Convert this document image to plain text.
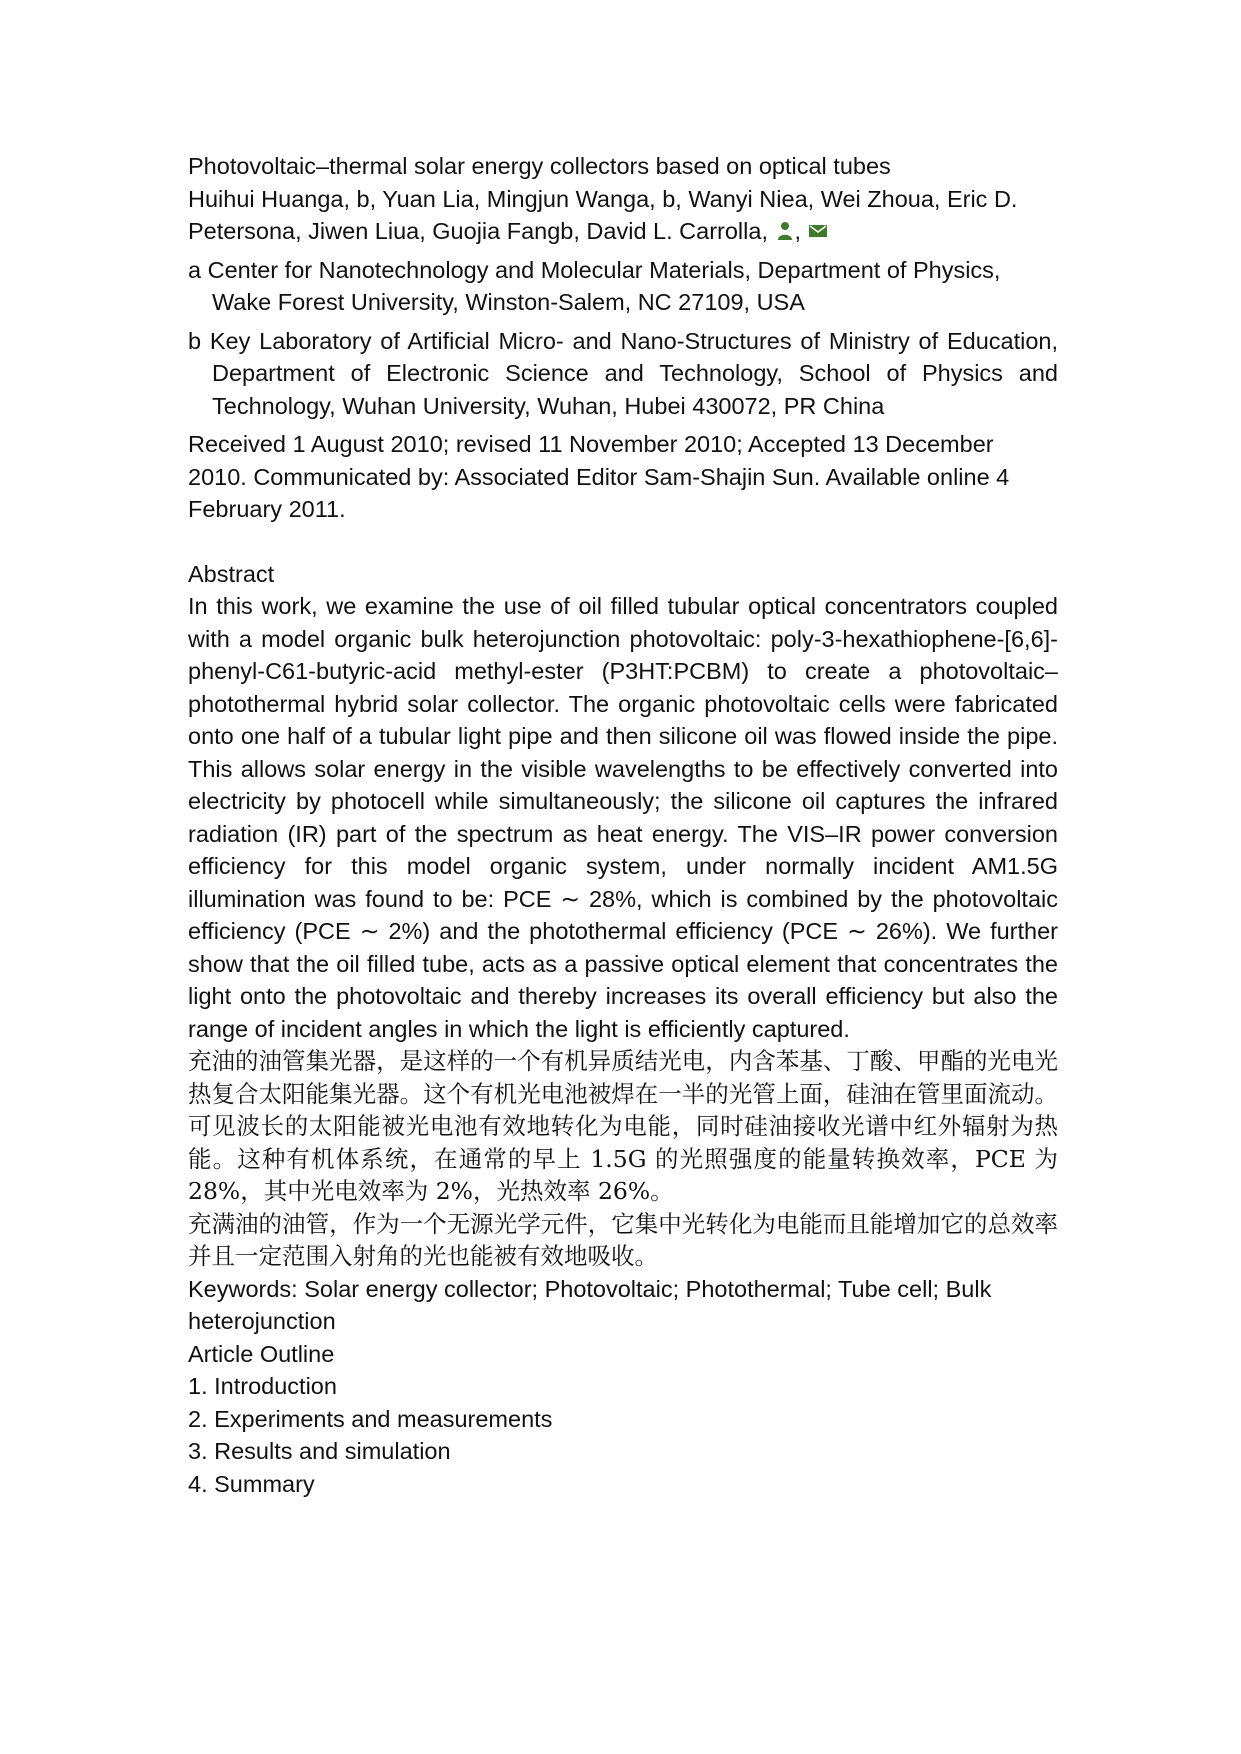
Photovoltaic–thermal solar energy collectors based on optical tubes

Huihui Huanga, b, Yuan Lia, Mingjun Wanga, b, Wanyi Niea, Wei Zhoua, Eric D. Petersona, Jiwen Liua, Guojia Fangb, David L. Carrolla, ,

a Center for Nanotechnology and Molecular Materials, Department of Physics, Wake Forest University, Winston-Salem, NC 27109, USA

b Key Laboratory of Artificial Micro- and Nano-Structures of Ministry of Education, Department of Electronic Science and Technology, School of Physics and Technology, Wuhan University, Wuhan, Hubei 430072, PR China

Received 1 August 2010; revised 11 November 2010; Accepted 13 December 2010. Communicated by: Associated Editor Sam-Shajin Sun. Available online 4 February 2011.

Abstract

In this work, we examine the use of oil filled tubular optical concentrators coupled with a model organic bulk heterojunction photovoltaic: poly-3-hexathiophene-[6,6]-phenyl-C61-butyric-acid methyl-ester (P3HT:PCBM) to create a photovoltaic–photothermal hybrid solar collector. The organic photovoltaic cells were fabricated onto one half of a tubular light pipe and then silicone oil was flowed inside the pipe. This allows solar energy in the visible wavelengths to be effectively converted into electricity by photocell while simultaneously; the silicone oil captures the infrared radiation (IR) part of the spectrum as heat energy. The VIS–IR power conversion efficiency for this model organic system, under normally incident AM1.5G illumination was found to be: PCE ∼ 28%, which is combined by the photovoltaic efficiency (PCE ∼ 2%) and the photothermal efficiency (PCE ∼ 26%). We further show that the oil filled tube, acts as a passive optical element that concentrates the light onto the photovoltaic and thereby increases its overall efficiency but also the range of incident angles in which the light is efficiently captured.

充油的油管集光器，是这样的一个有机异质结光电，内含苯基、丁酸、甲酯的光电光热复合太阳能集光器。这个有机光电池被焊在一半的光管上面，硅油在管里面流动。可见波长的太阳能被光电池有效地转化为电能，同时硅油接收光谱中红外辐射为热能。这种有机体系统，在通常的早上 1.5G 的光照强度的能量转换效率，PCE 为 28%，其中光电效率为 2%，光热效率 26%。

充满油的油管，作为一个无源光学元件，它集中光转化为电能而且能增加它的总效率并且一定范围入射角的光也能被有效地吸收。

Keywords: Solar energy collector; Photovoltaic; Photothermal; Tube cell; Bulk heterojunction

Article Outline

1. Introduction
2. Experiments and measurements
3. Results and simulation
4. Summary
